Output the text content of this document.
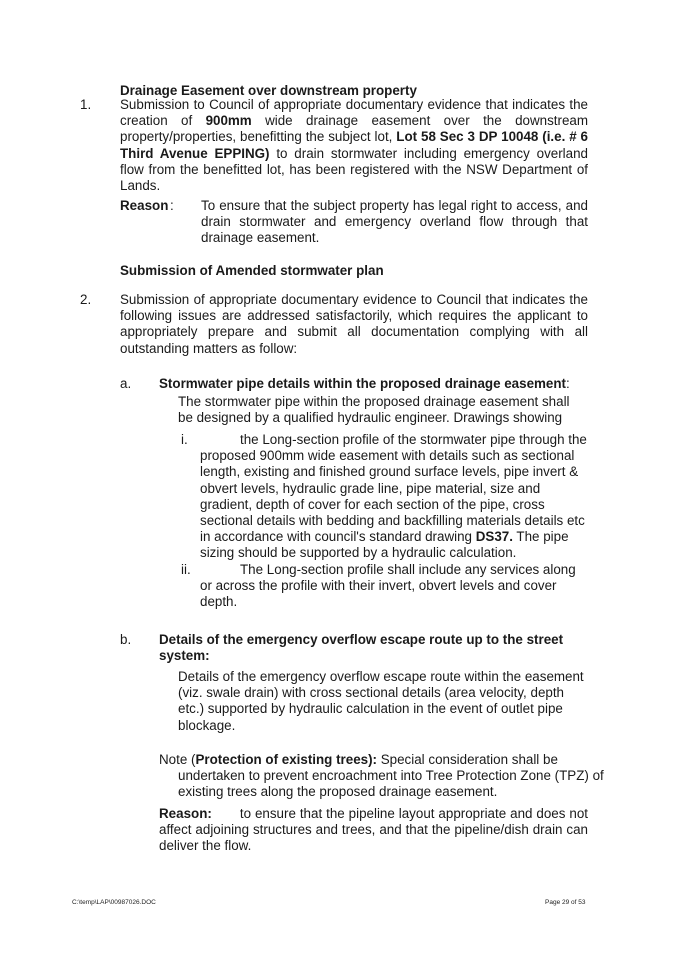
Drainage Easement over downstream property
1. Submission to Council of appropriate documentary evidence that indicates the creation of 900mm wide drainage easement over the downstream property/properties, benefitting the subject lot, Lot 58 Sec 3 DP 10048 (i.e. # 6 Third Avenue EPPING) to drain stormwater including emergency overland flow from the benefitted lot, has been registered with the NSW Department of Lands.
Reason : To ensure that the subject property has legal right to access, and drain stormwater and emergency overland flow through that drainage easement.
Submission of Amended stormwater plan
2. Submission of appropriate documentary evidence to Council that indicates the following issues are addressed satisfactorily, which requires the applicant to appropriately prepare and submit all documentation complying with all outstanding matters as follow:
a. Stormwater pipe details within the proposed drainage easement:
The stormwater pipe within the proposed drainage easement shall be designed by a qualified hydraulic engineer. Drawings showing
i.	the Long-section profile of the stormwater pipe through the proposed 900mm wide easement with details such as sectional length, existing and finished ground surface levels, pipe invert & obvert levels, hydraulic grade line, pipe material, size and gradient, depth of cover for each section of the pipe, cross sectional details with bedding and backfilling materials details etc in accordance with council's standard drawing DS37. The pipe sizing should be supported by a hydraulic calculation.
ii.	The Long-section profile shall include any services along or across the profile with their invert, obvert levels and cover depth.
b. Details of the emergency overflow escape route up to the street system:
Details of the emergency overflow escape route within the easement (viz. swale drain) with cross sectional details (area velocity, depth etc.) supported by hydraulic calculation in the event of outlet pipe blockage.
Note (Protection of existing trees): Special consideration shall be undertaken to prevent encroachment into Tree Protection Zone (TPZ) of existing trees along the proposed drainage easement.
Reason: to ensure that the pipeline layout appropriate and does not affect adjoining structures and trees, and that the pipeline/dish drain can deliver the flow.
C:\temp\LAP\00987026.DOC	Page 29 of 53
